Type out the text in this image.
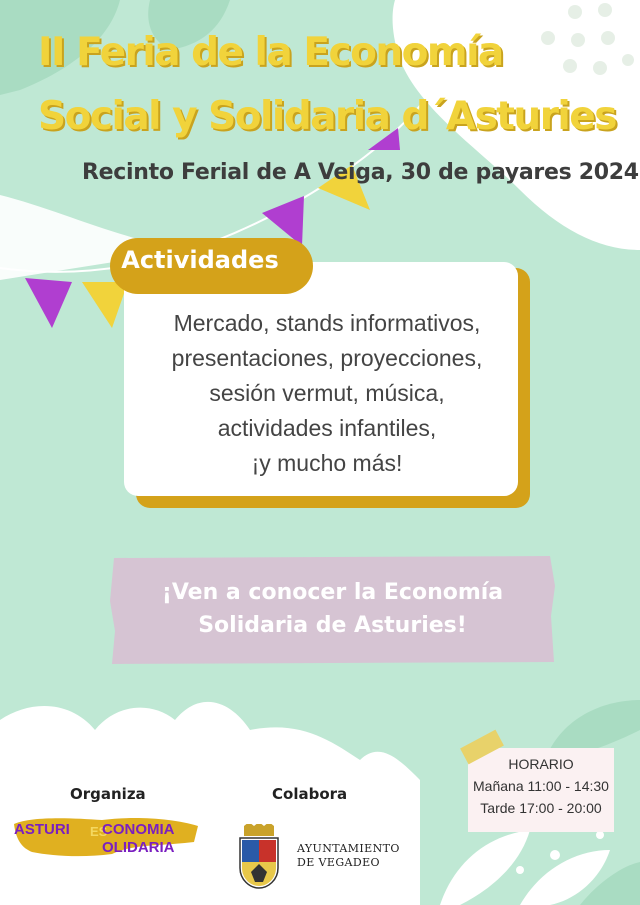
II Feria de la Economía
Social y Solidaria d´Asturies
Recinto Ferial de A Veiga, 30 de payares 2024
Mercado, stands informativos,
presentaciones, proyecciones,
sesión vermut, música,
actividades infantiles,
¡y mucho más!
Actividades
¡Ven a conocer la Economía
Solidaria de Asturies!
HORARIO
Mañana 11:00 - 14:30
Tarde 17:00 - 20:00
Organiza	Colabora
ASTURI ES
CONOMIA
OLIDARIA	AYUNTAMIENTO
DE VEGADEO
